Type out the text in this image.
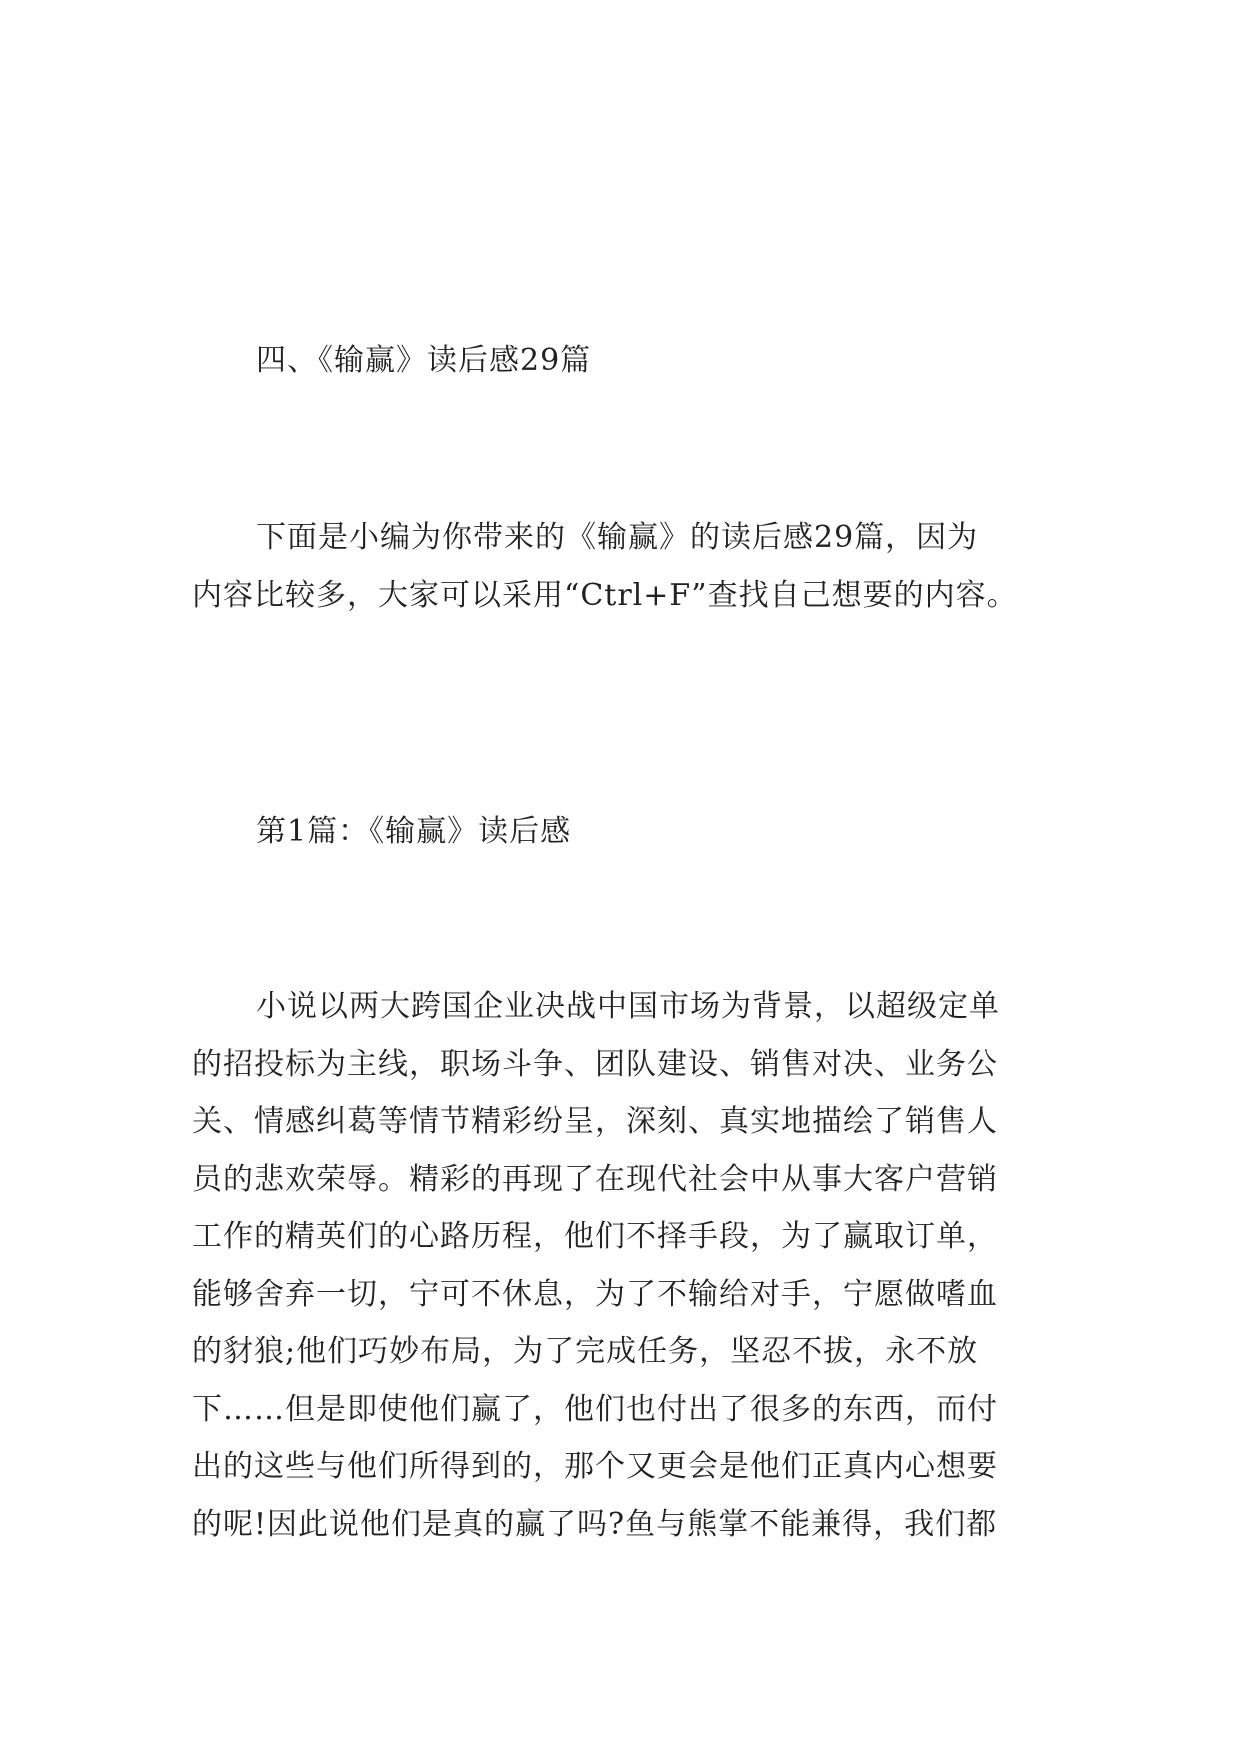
四、《输赢》读后感29篇
下面是小编为你带来的《输赢》的读后感29篇，因为
内容比较多，大家可以采用“Ctrl+F”查找自己想要的内容。
第1篇：《输赢》读后感
小说以两大跨国企业决战中国市场为背景，以超级定单
的招投标为主线，职场斗争、团队建设、销售对决、业务公
关、情感纠葛等情节精彩纷呈，深刻、真实地描绘了销售人
员的悲欢荣辱。精彩的再现了在现代社会中从事大客户营销
工作的精英们的心路历程，他们不择手段，为了赢取订单，
能够舍弃一切，宁可不休息，为了不输给对手，宁愿做嗜血
的豺狼;他们巧妙布局，为了完成任务，坚忍不拔，永不放
下……但是即使他们赢了，他们也付出了很多的东西，而付
出的这些与他们所得到的，那个又更会是他们正真内心想要
的呢!因此说他们是真的赢了吗?鱼与熊掌不能兼得，我们都
